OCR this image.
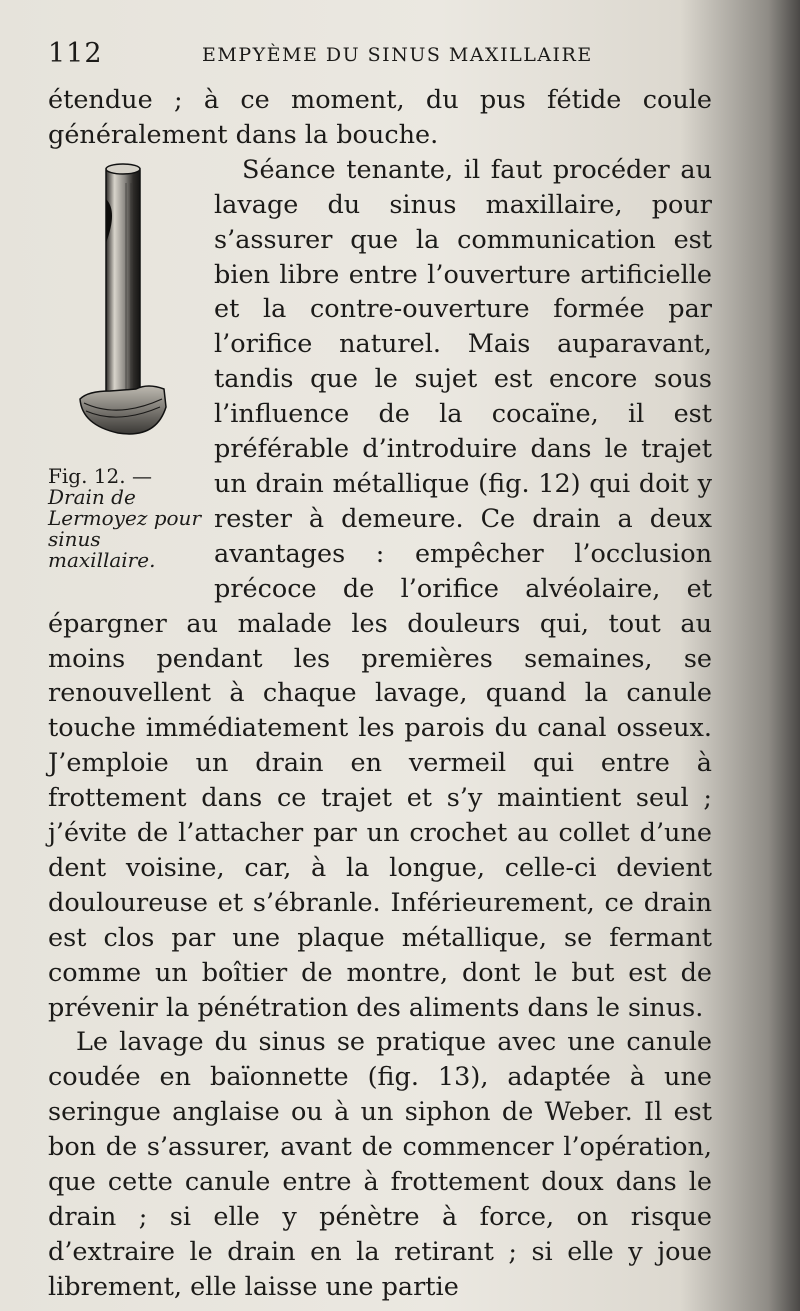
112	EMPYÈME DU SINUS MAXILLAIRE

étendue ; à ce moment, du pus fétide coule généralement dans la bouche.

Fig. 12. — Drain de Lermoyez pour sinus maxillaire.

Séance tenante, il faut procéder au lavage du sinus maxillaire, pour s’assurer que la communication est bien libre entre l’ouverture artificielle et la contre-ouverture formée par l’orifice naturel. Mais auparavant, tandis que le sujet est encore sous l’influence de la cocaïne, il est préférable d’introduire dans le trajet un drain métallique (fig. 12) qui doit y rester à demeure. Ce drain a deux avantages : empêcher l’occlusion précoce de l’orifice alvéolaire, et épargner au malade les douleurs qui, tout au moins pendant les premières semaines, se renouvellent à chaque lavage, quand la canule touche immédiatement les parois du canal osseux. J’emploie un drain en vermeil qui entre à frottement dans ce trajet et s’y maintient seul ; j’évite de l’attacher par un crochet au collet d’une dent voisine, car, à la longue, celle-ci devient douloureuse et s’ébranle. Inférieurement, ce drain est clos par une plaque métallique, se fermant comme un boîtier de montre, dont le but est de prévenir la pénétration des aliments dans le sinus.

Le lavage du sinus se pratique avec une canule coudée en baïonnette (fig. 13), adaptée à une seringue anglaise ou à un siphon de Weber. Il est bon de s’assurer, avant de commencer l’opération, que cette canule entre à frottement doux dans le drain ; si elle y pénètre à force, on risque d’extraire le drain en la retirant ; si elle y joue librement, elle laisse une partie
